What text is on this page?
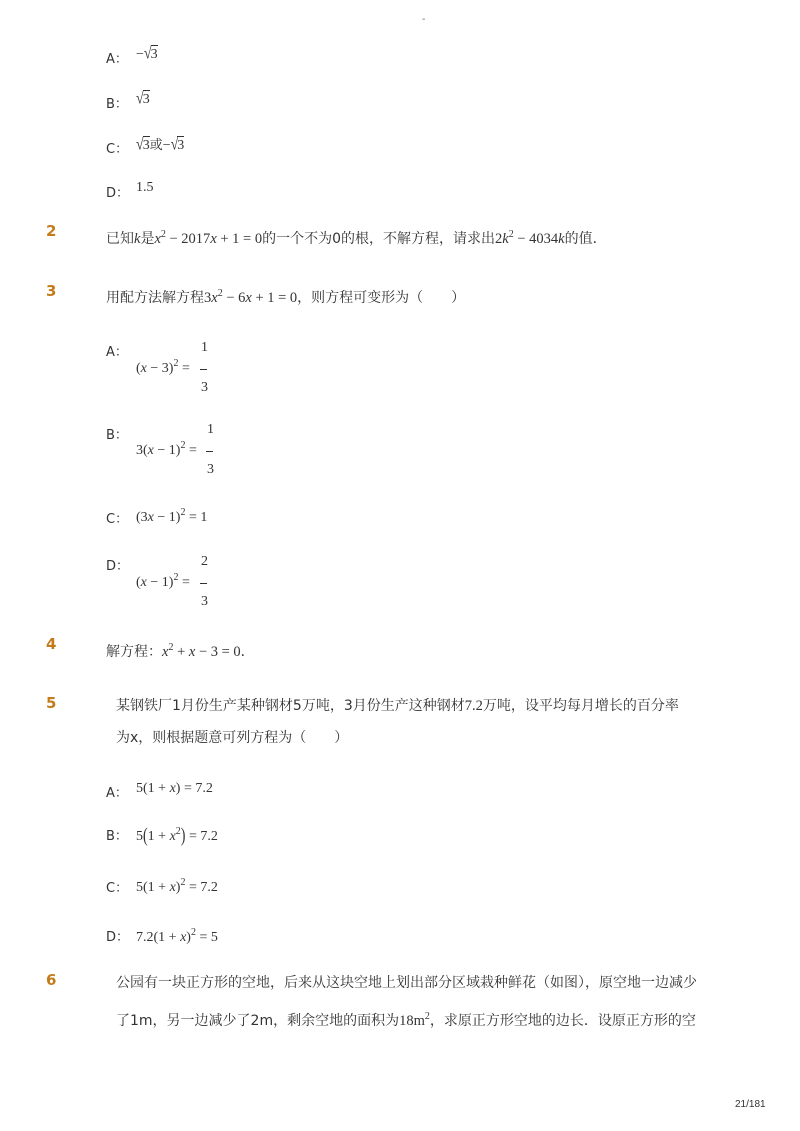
-
A： −√3
B： √3
C： √3或−√3
D： 1.5
2	已知k是$x^2 - 2017x + 1 = 0$的一个不为0的根，不解方程，请求出$2k^2 - 4034k$的值．
3	用配方法解方程$3x^2 - 6x + 1 = 0$，则方程可变形为（　　）
A：
$(x - 3)^2$ =
1
3
B：
$3(x - 1)^2$ =
1
3
C： $(3x - 1)^2 = 1$
D：
$(x - 1)^2$ =
2
3
4	解方程：$x^2 + x - 3 = 0$．
5	某钢铁厂1月份生产某种钢材5万吨，3月份生产这种钢材7.2万吨，设平均每月增长的百分率
为x，则根据题意可列方程为（　　）
A： 5(1 + x) = 7.2
B： $5(1 + x^2) = 7.2$
C： $5(1 + x)^2 = 7.2$
D： $7.2(1 + x)^2 = 5$
6	公园有一块正方形的空地，后来从这块空地上划出部分区域栽种鲜花（如图），原空地一边减少
了1m，另一边减少了2m，剩余空地的面积为$18m^2$，求原正方形空地的边长．设原正方形的空
21/181
